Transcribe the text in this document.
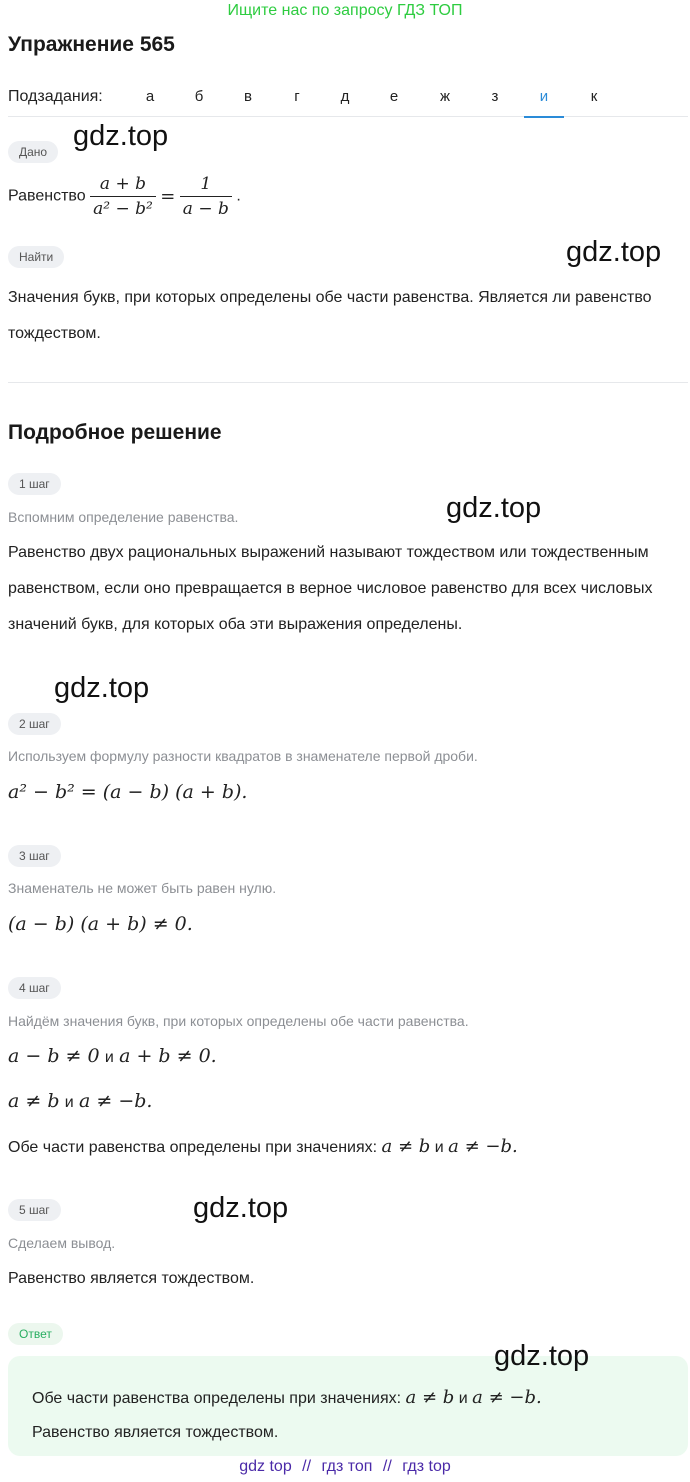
Ищите нас по запросу ГДЗ ТОП
Упражнение 565
Подзадания:	а	б	в	г	д	е	ж	з	и	к
Дано gdz.top
Равенство $\frac{a + b}{\text{a² − b²}} = \frac{1}{a - b}$ .
Найти	gdz.top
Значения букв, при которых определены обе части равенства. Является ли равенство тождеством.
Подробное решение
1 шаг
gdz.top
Вспомним определение равенства.
Равенство двух рациональных выражений называют тождеством или тождественным равенством, если оно превращается в верное числовое равенство для всех числовых значений букв, для которых оба эти выражения определены.
gdz.top
2 шаг
Используем формулу разности квадратов в знаменателе первой дроби.
a² − b² = (a − b) (a + b).
3 шаг
Знаменатель не может быть равен нулю.
(a − b) (a + b) ≠ 0.
4 шаг
Найдём значения букв, при которых определены обе части равенства.
a − b ≠ 0 и a + b ≠ 0.
a ≠ b и a ≠ −b.
Обе части равенства определены при значениях: a ≠ b и a ≠ −b.
5 шаг	gdz.top
Сделаем вывод.
Равенство является тождеством.
Ответ
gdz.top
Обе части равенства определены при значениях: a ≠ b и a ≠ −b.
Равенство является тождеством.
gdz top // гдз топ // гдз top
